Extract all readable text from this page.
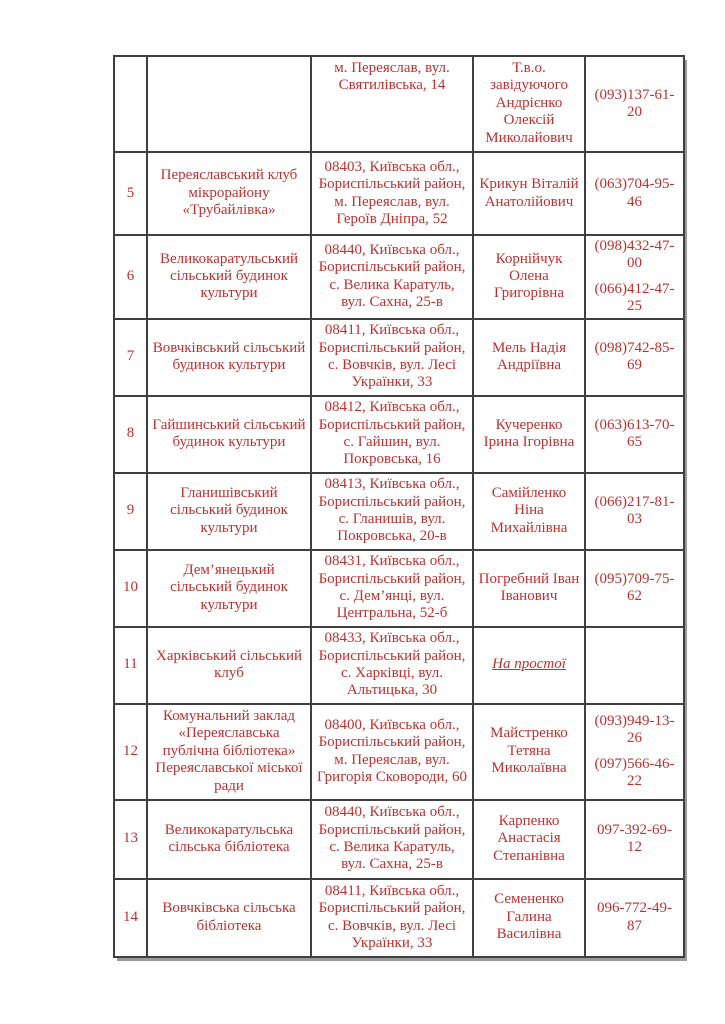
		м. Переяслав, вул. Святилівська, 14	Т.в.о. завідуючого Андрієнко Олексій Миколайович	(093)137-61-20

5	Переяславський клуб мікрорайону «Трубайлівка»	08403, Київська обл., Бориспільський район, м. Переяслав, вул. Героїв Дніпра, 52	Крикун Віталій Анатолійович	(063)704-95-46

6	Великокаратульський сільський будинок культури	08440, Київська обл., Бориспільський район, с. Велика Каратуль, вул. Сахна, 25-в	Корнійчук Олена Григорівна	(098)432-47-00
(066)412-47-25

7	Вовчківський сільський будинок культури	08411, Київська обл., Бориспільський район, с. Вовчків, вул. Лесі Українки, 33	Мель Надія Андріївна	(098)742-85-69

8	Гайшинський сільський будинок культури	08412, Київська обл., Бориспільський район, с. Гайшин, вул. Покровська, 16	Кучеренко Ірина Ігорівна	(063)613-70-65

9	Гланишівський сільський будинок культури	08413, Київська обл., Бориспільський район, с. Гланишів, вул. Покровська, 20-в	Самійленко Ніна Михайлівна	(066)217-81-03

10	Дем’янецький сільський будинок культури	08431, Київська обл., Бориспільський район, с. Дем’янці, вул. Центральна, 52-б	Погребний Іван Іванович	(095)709-75-62

11	Харківський сільський клуб	08433, Київська обл., Бориспільський район, с. Харківці, вул. Альтицька, 30	На простої	
12	Комунальний заклад «Переяславська публічна бібліотека» Переяславської міської ради	08400, Київська обл., Бориспільський район, м. Переяслав, вул. Григорія Сковороди, 60	Майстренко Тетяна Миколаївна	(093)949-13-26
(097)566-46-22

13	Великокаратульська сільська бібліотека	08440, Київська обл., Бориспільський район, с. Велика Каратуль, вул. Сахна, 25-в	Карпенко Анастасія Степанівна	097-392-69-12

14	Вовчківська сільська бібліотека	08411, Київська обл., Бориспільський район, с. Вовчків, вул. Лесі Українки, 33	Семененко Галина Василівна	096-772-49-87
